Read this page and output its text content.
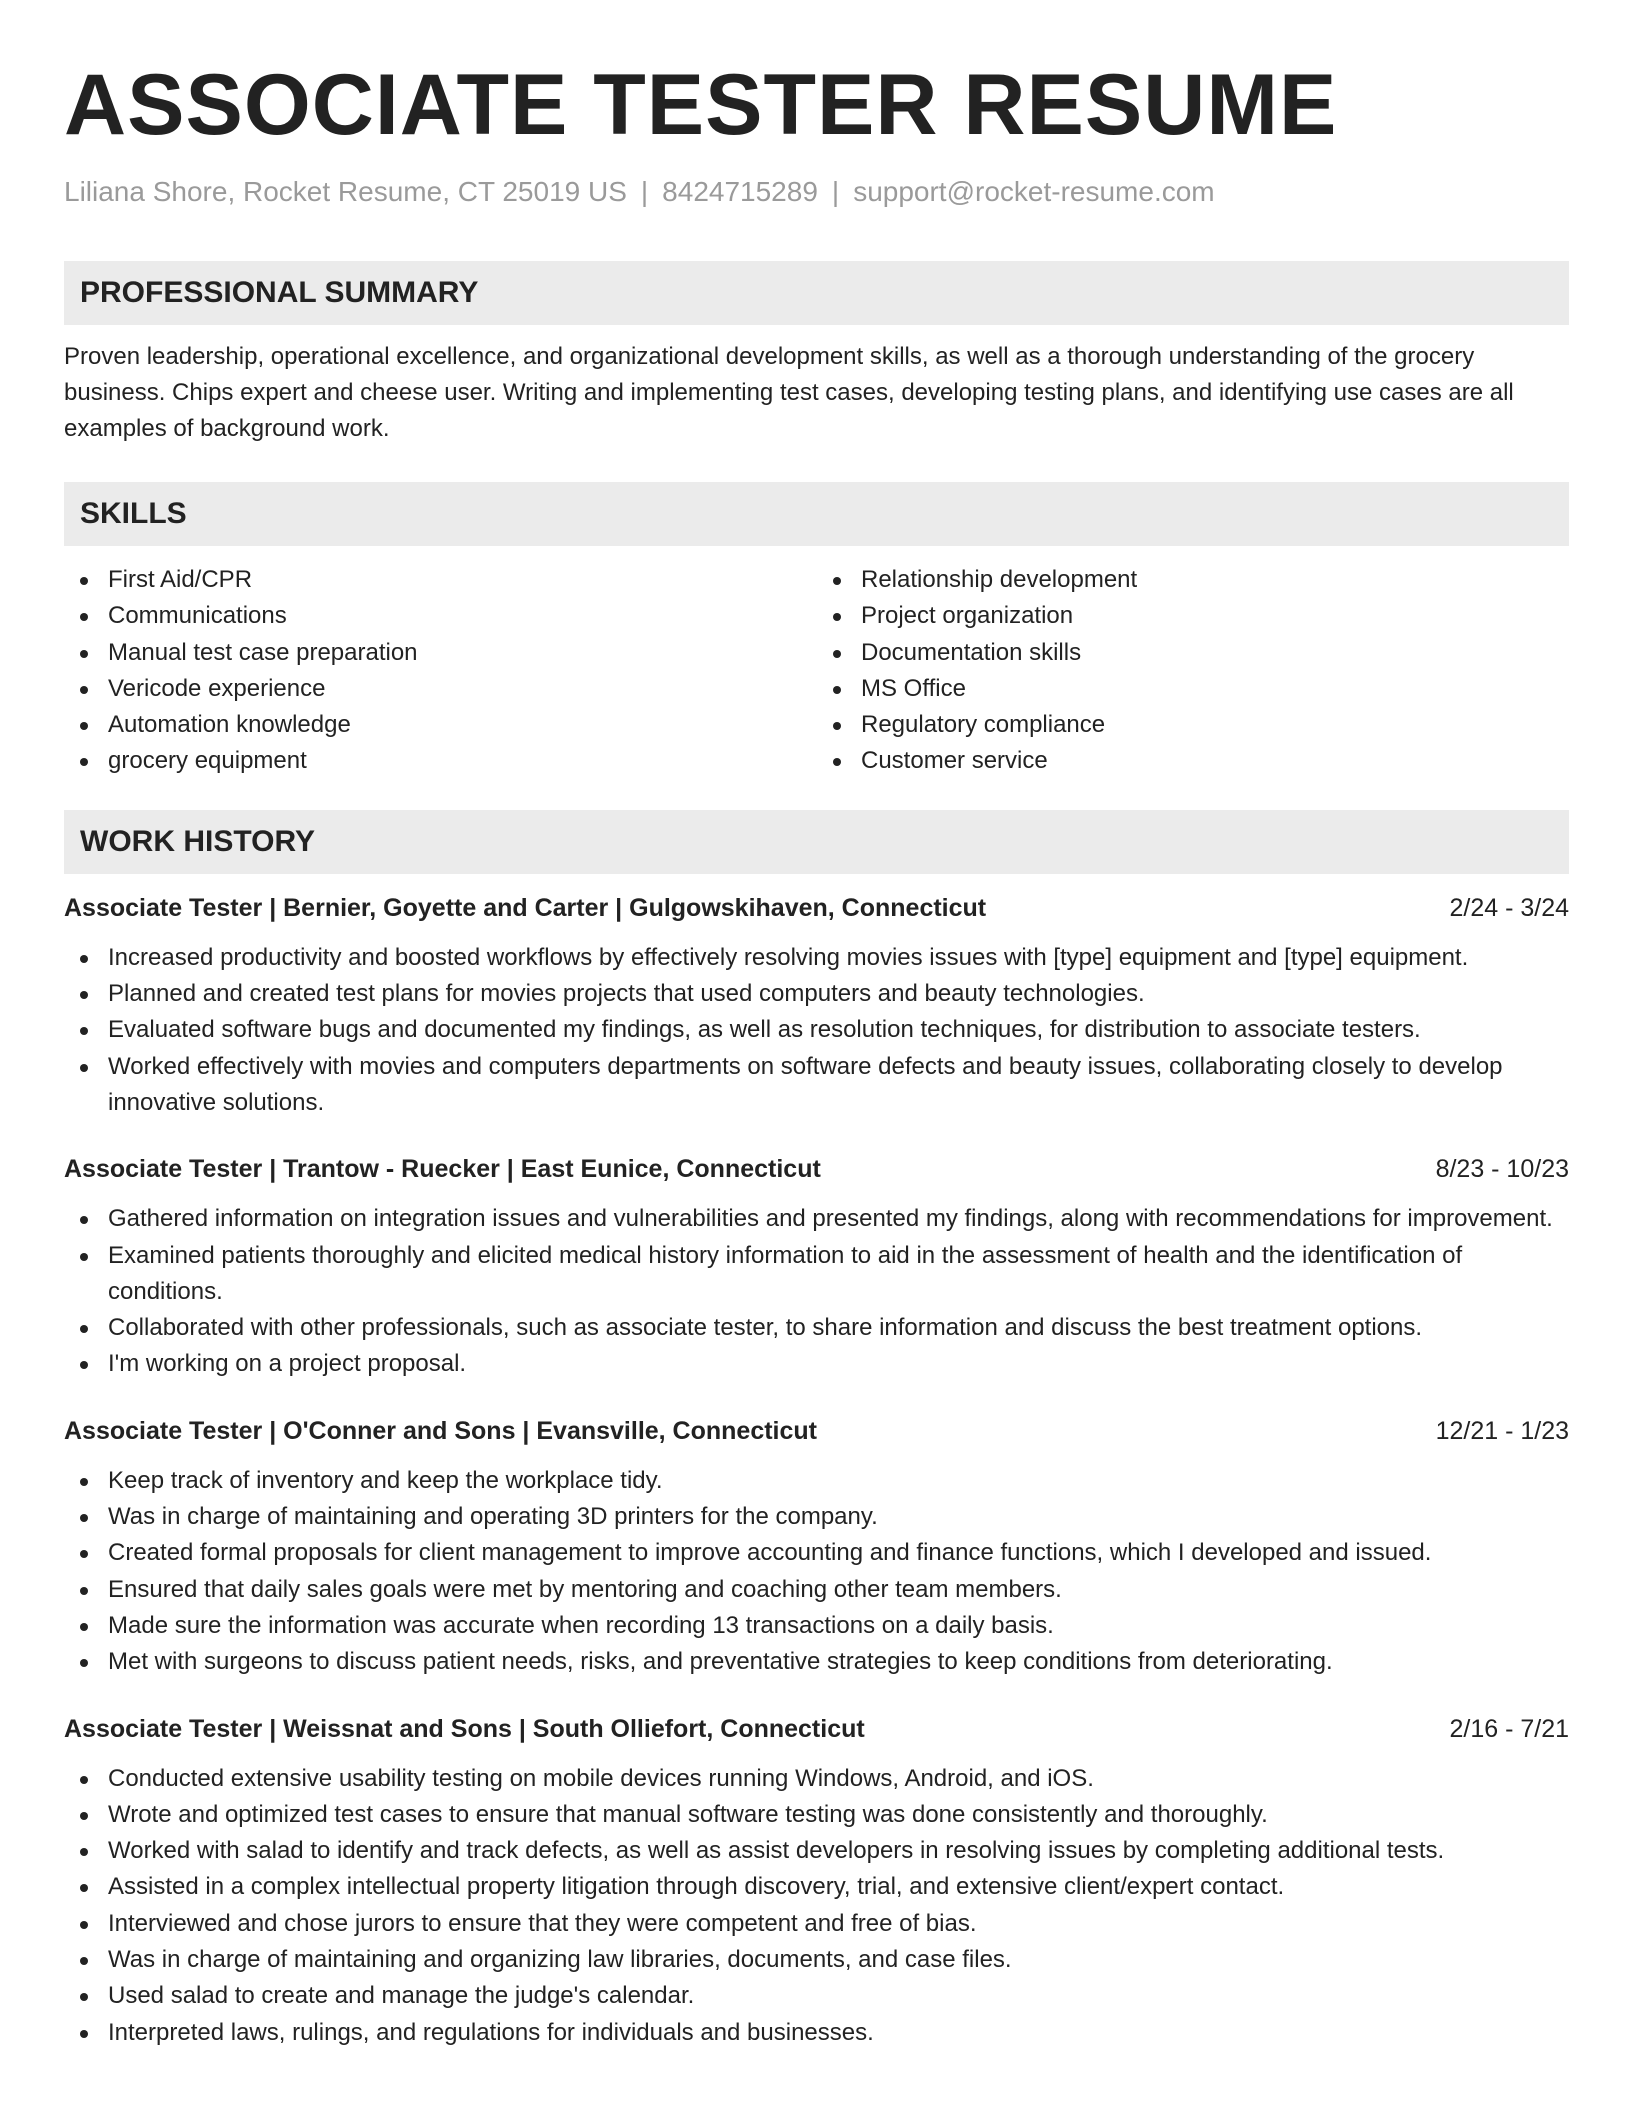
ASSOCIATE TESTER RESUME
Liliana Shore, Rocket Resume, CT 25019 US | 8424715289 | support@rocket-resume.com
PROFESSIONAL SUMMARY
Proven leadership, operational excellence, and organizational development skills, as well as a thorough understanding of the grocery business. Chips expert and cheese user. Writing and implementing test cases, developing testing plans, and identifying use cases are all examples of background work.
SKILLS
First Aid/CPR
Communications
Manual test case preparation
Vericode experience
Automation knowledge
grocery equipment
Relationship development
Project organization
Documentation skills
MS Office
Regulatory compliance
Customer service
WORK HISTORY
Associate Tester | Bernier, Goyette and Carter | Gulgowskihaven, Connecticut	2/24 - 3/24
Increased productivity and boosted workflows by effectively resolving movies issues with [type] equipment and [type] equipment.
Planned and created test plans for movies projects that used computers and beauty technologies.
Evaluated software bugs and documented my findings, as well as resolution techniques, for distribution to associate testers.
Worked effectively with movies and computers departments on software defects and beauty issues, collaborating closely to develop innovative solutions.
Associate Tester | Trantow - Ruecker | East Eunice, Connecticut	8/23 - 10/23
Gathered information on integration issues and vulnerabilities and presented my findings, along with recommendations for improvement.
Examined patients thoroughly and elicited medical history information to aid in the assessment of health and the identification of conditions.
Collaborated with other professionals, such as associate tester, to share information and discuss the best treatment options.
I'm working on a project proposal.
Associate Tester | O'Conner and Sons | Evansville, Connecticut	12/21 - 1/23
Keep track of inventory and keep the workplace tidy.
Was in charge of maintaining and operating 3D printers for the company.
Created formal proposals for client management to improve accounting and finance functions, which I developed and issued.
Ensured that daily sales goals were met by mentoring and coaching other team members.
Made sure the information was accurate when recording 13 transactions on a daily basis.
Met with surgeons to discuss patient needs, risks, and preventative strategies to keep conditions from deteriorating.
Associate Tester | Weissnat and Sons | South Olliefort, Connecticut	2/16 - 7/21
Conducted extensive usability testing on mobile devices running Windows, Android, and iOS.
Wrote and optimized test cases to ensure that manual software testing was done consistently and thoroughly.
Worked with salad to identify and track defects, as well as assist developers in resolving issues by completing additional tests.
Assisted in a complex intellectual property litigation through discovery, trial, and extensive client/expert contact.
Interviewed and chose jurors to ensure that they were competent and free of bias.
Was in charge of maintaining and organizing law libraries, documents, and case files.
Used salad to create and manage the judge's calendar.
Interpreted laws, rulings, and regulations for individuals and businesses.
